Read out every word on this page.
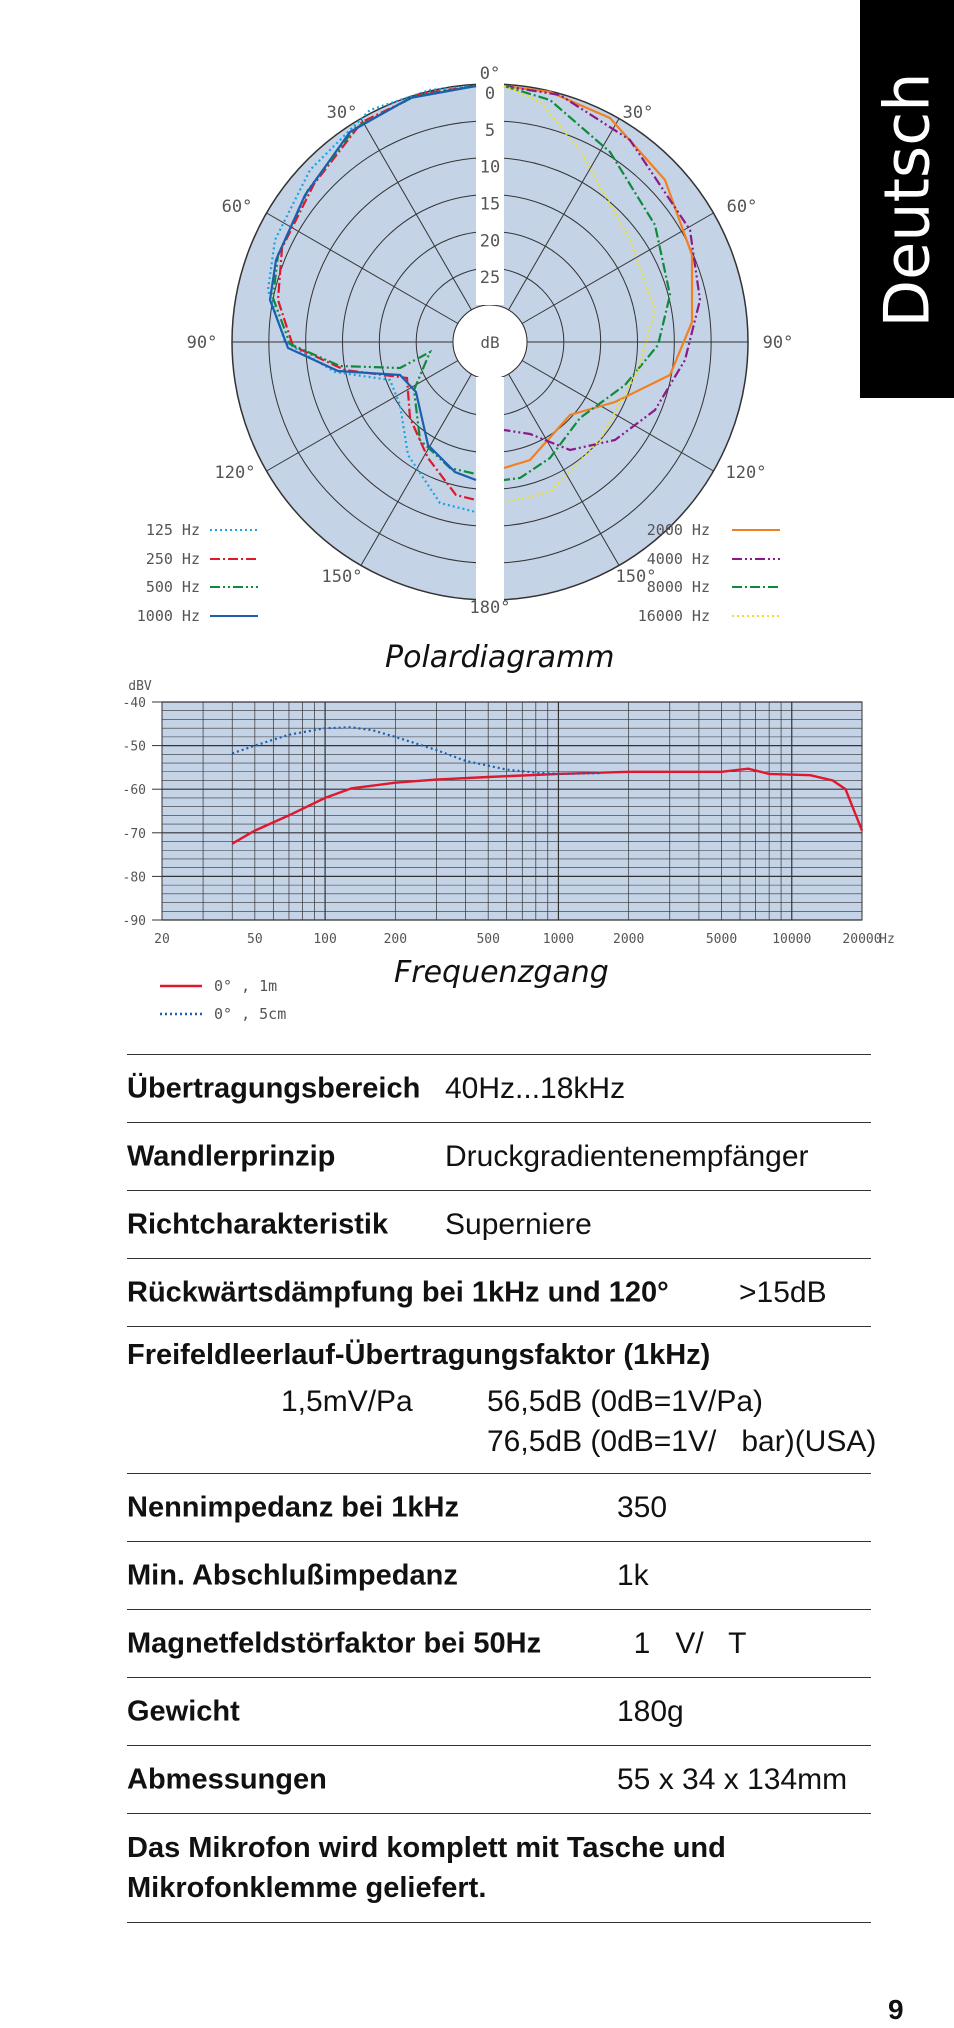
Deutsch
0
5
10
15
20
25
dB
0°
30°	30°
60°	60°
90°	90°
120°	120°
150°	150°
180°
Polardiagramm
125 Hz
250 Hz
500 Hz
1000 Hz
2000 Hz
4000 Hz
8000 Hz
16000 Hz
-40
-50
-60
-70
-80
-90
20	50	100	200	500	1000	2000	5000	10000 20000
dBV
Hz
Frequenzgang
0° , 1m
0° , 5cm
Übertragungsbereich 40Hz...18kHz
Wandlerprinzip	Druckgradientenempfänger
Richtcharakteristik Superniere
Rückwärtsdämpfung bei 1kHz und 120° >15dB
Freifeldleerlauf-Übertragungsfaktor (1kHz)
1,5mV/Pa 56,5dB (0dB=1V/Pa)
76,5dB (0dB=1V/   bar)(USA)
Nennimpedanz bei 1kHz	350
Min. Abschlußimpedanz	1k
Magnetfeldstörfaktor bei 50Hz	1   V/   T
Gewicht	180g
Abmessungen	55 x 34 x 134mm
Das Mikrofon wird komplett mit Tasche und Mikrofonklemme geliefert.
9
